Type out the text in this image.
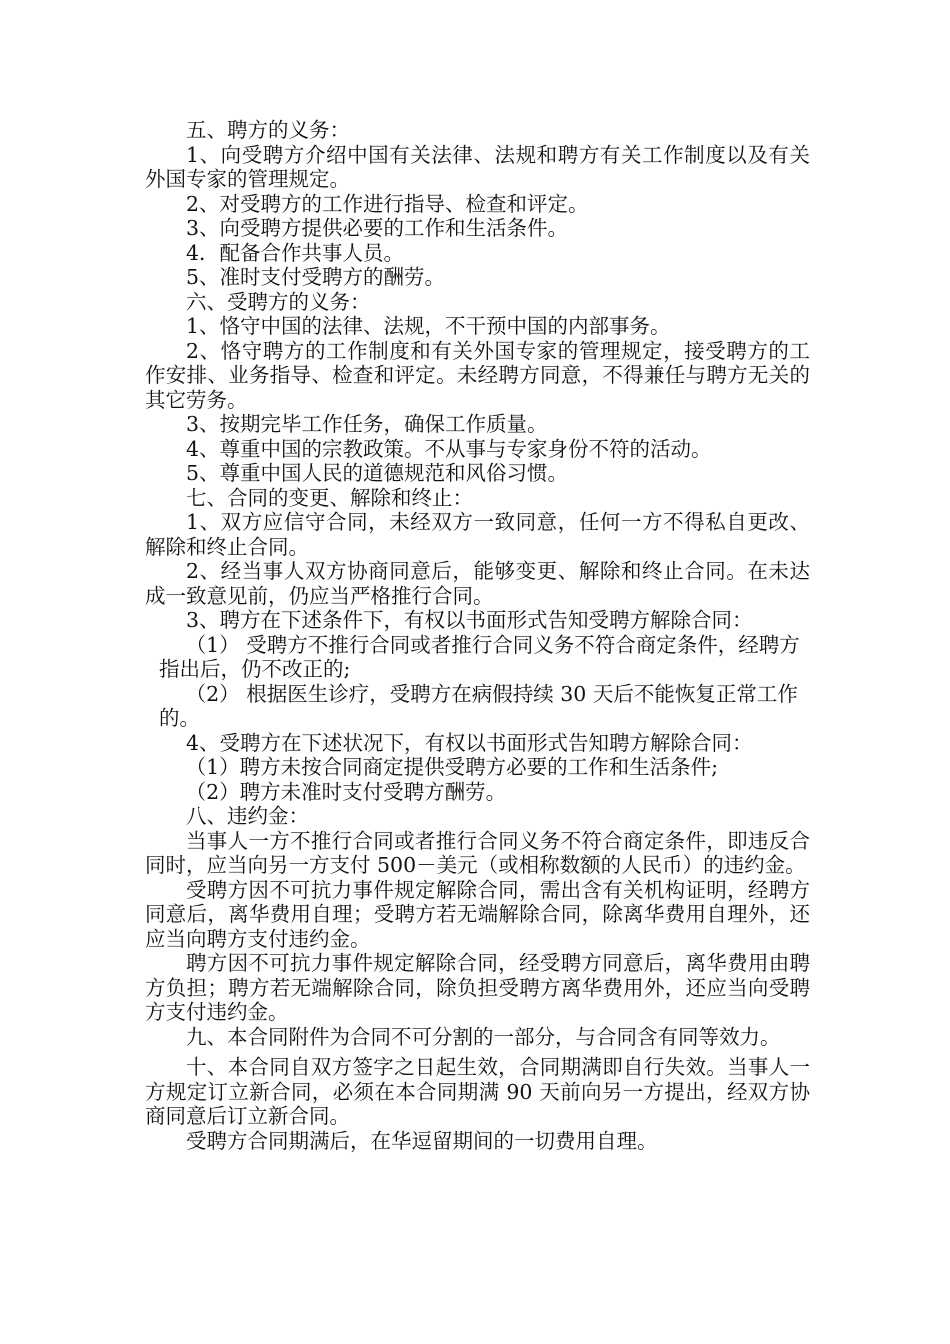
五、聘方的义务：

1、向受聘方介绍中国有关法律、法规和聘方有关工作制度以及有关外国专家的管理规定。

2、对受聘方的工作进行指导、检查和评定。

3、向受聘方提供必要的工作和生活条件。

4．配备合作共事人员。

5、准时支付受聘方的酬劳。

六、受聘方的义务：

1、恪守中国的法律、法规，不干预中国的内部事务。

2、恪守聘方的工作制度和有关外国专家的管理规定，接受聘方的工作安排、业务指导、检查和评定。未经聘方同意，不得兼任与聘方无关的其它劳务。

3、按期完毕工作任务，确保工作质量。

4、尊重中国的宗教政策。不从事与专家身份不符的活动。

5、尊重中国人民的道德规范和风俗习惯。

七、合同的变更、解除和终止：

1、双方应信守合同，未经双方一致同意，任何一方不得私自更改、解除和终止合同。

2、经当事人双方协商同意后，能够变更、解除和终止合同。在未达成一致意见前，仍应当严格推行合同。

3、聘方在下述条件下，有权以书面形式告知受聘方解除合同：

（1） 受聘方不推行合同或者推行合同义务不符合商定条件，经聘方指出后，仍不改正的;

（2） 根据医生诊疗，受聘方在病假持续 30 天后不能恢复正常工作的。

4、受聘方在下述状况下，有权以书面形式告知聘方解除合同：

（1）聘方未按合同商定提供受聘方必要的工作和生活条件;

（2）聘方未准时支付受聘方酬劳。

八、违约金：

当事人一方不推行合同或者推行合同义务不符合商定条件，即违反合同时，应当向另一方支付 500－美元（或相称数额的人民币）的违约金。

受聘方因不可抗力事件规定解除合同，需出含有关机构证明，经聘方同意后，离华费用自理；受聘方若无端解除合同，除离华费用自理外，还应当向聘方支付违约金。

聘方因不可抗力事件规定解除合同，经受聘方同意后，离华费用由聘方负担；聘方若无端解除合同，除负担受聘方离华费用外，还应当向受聘方支付违约金。

九、本合同附件为合同不可分割的一部分，与合同含有同等效力。

十、本合同自双方签字之日起生效，合同期满即自行失效。当事人一方规定订立新合同，必须在本合同期满 90 天前向另一方提出，经双方协商同意后订立新合同。

受聘方合同期满后，在华逗留期间的一切费用自理。
